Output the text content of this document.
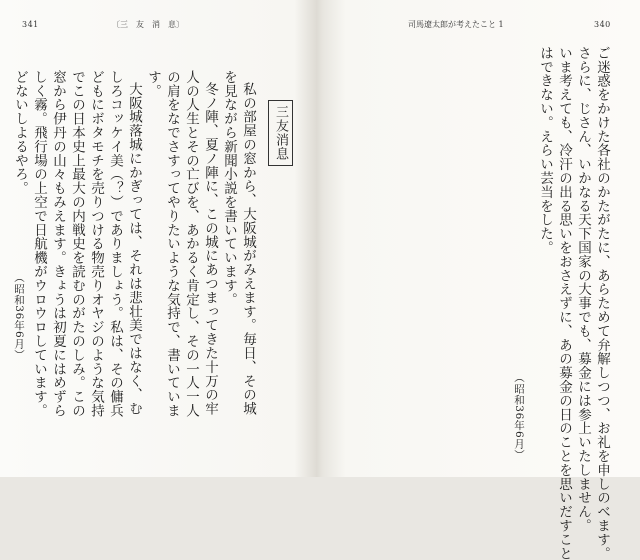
341	〔三　友　消　息〕
三友消息
私の部屋の窓から、大阪城がみえます。毎日、その城
を見ながら新聞小説を書いています。
冬ノ陣、夏ノ陣に、この城にあつまってきた十万の牢
人の人生とその亡びを、あかるく肯定し、その一人一人
の肩をなでさすってやりたいような気持で、書いていま
す。
大阪城落城にかぎっては、それは悲壮美ではなく、む
しろコッケイ美（？）でありましょう。私は、その傭兵
どもにボタモチを売りつける物売りオヤジのような気持
でこの日本史上最大の内戦史を読むのがたのしみ。この
窓から伊丹の山々もみえます。きょうは初夏にはめずら
しく霧。飛行場の上空で日航機がウロウロしています。
どないしよるやろ。
（昭和36年6月）
司馬遼太郎が考えたこと 1	340
ご迷惑をかけた各社のかたがたに、あらためて弁解しつつ、お礼を申しのべます。
さらに、じさん、いかなる天下国家の大事でも、募金には参上いたしません。
いま考えても、冷汗の出る思いをおさえずに、あの募金の日のことを思いだすこと
はできない。えらい芸当をした。
（昭和36年6月）
